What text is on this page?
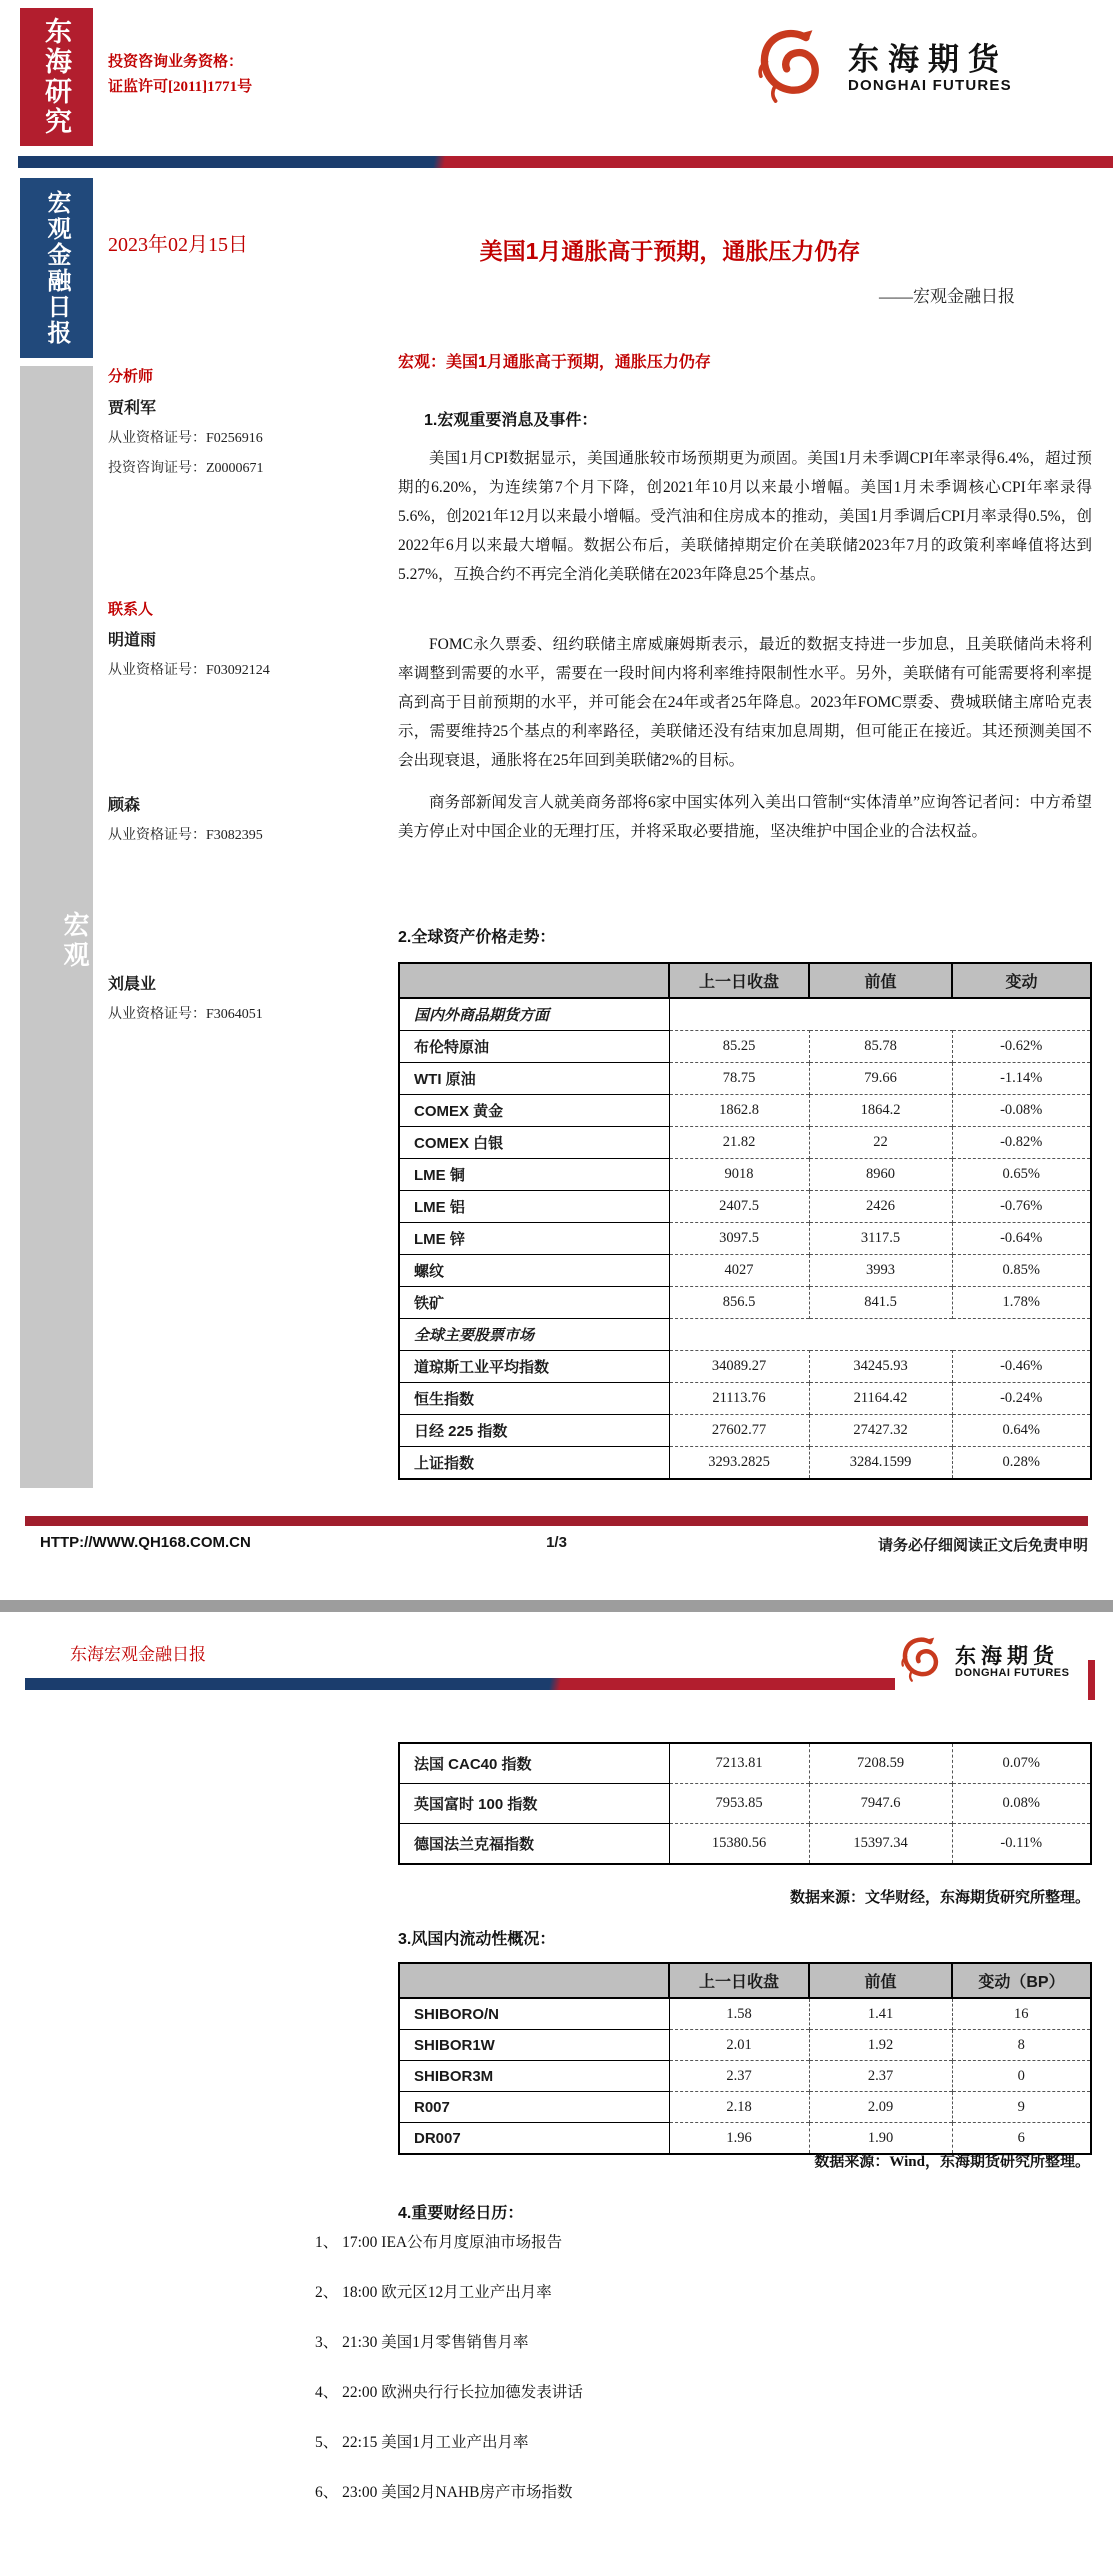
东海研究	投资咨询业务资格：
证监许可[2011]1771号
东海期货
DONGHAI FUTURES
宏观金融日报
宏观
2023年02月15日	美国1月通胀高于预期，通胀压力仍存
——宏观金融日报
分析师
贾利军
从业资格证号：F0256916
投资咨询证号：Z0000671
联系人
明道雨
从业资格证号：F03092124
顾森
从业资格证号：F3082395
刘晨业
从业资格证号：F3064051
宏观：美国1月通胀高于预期，通胀压力仍存
1.宏观重要消息及事件：
美国1月CPI数据显示，美国通胀较市场预期更为顽固。美国1月未季调CPI年率录得6.4%，超过预期的6.20%，为连续第7个月下降，创2021年10月以来最小增幅。美国1月未季调核心CPI年率录得5.6%，创2021年12月以来最小增幅。受汽油和住房成本的推动，美国1月季调后CPI月率录得0.5%，创2022年6月以来最大增幅。数据公布后，美联储掉期定价在美联储2023年7月的政策利率峰值将达到5.27%，互换合约不再完全消化美联储在2023年降息25个基点。
FOMC永久票委、纽约联储主席威廉姆斯表示，最近的数据支持进一步加息，且美联储尚未将利率调整到需要的水平，需要在一段时间内将利率维持限制性水平。另外，美联储有可能需要将利率提高到高于目前预期的水平，并可能会在24年或者25年降息。2023年FOMC票委、费城联储主席哈克表示，需要维持25个基点的利率路径，美联储还没有结束加息周期，但可能正在接近。其还预测美国不会出现衰退，通胀将在25年回到美联储2%的目标。
商务部新闻发言人就美商务部将6家中国实体列入美出口管制“实体清单”应询答记者问：中方希望美方停止对中国企业的无理打压，并将采取必要措施，坚决维护中国企业的合法权益。
2.全球资产价格走势：
	上一日收盘	前值	变动
国内外商品期货方面			
布伦特原油	85.25	85.78	-0.62%
WTI 原油	78.75	79.66	-1.14%
COMEX 黄金	1862.8	1864.2	-0.08%
COMEX 白银	21.82	22	-0.82%
LME 铜	9018	8960	0.65%
LME 铝	2407.5	2426	-0.76%
LME 锌	3097.5	3117.5	-0.64%
螺纹	4027	3993	0.85%
铁矿	856.5	841.5	1.78%
全球主要股票市场			
道琼斯工业平均指数	34089.27	34245.93	-0.46%
恒生指数	21113.76	21164.42	-0.24%
日经 225 指数	27602.77	27427.32	0.64%
上证指数	3293.2825	3284.1599	0.28%
HTTP://WWW.QH168.COM.CN	1/3	请务必仔细阅读正文后免责申明
东海宏观金融日报	东海期货
DONGHAI FUTURES
法国 CAC40 指数	7213.81	7208.59	0.07%
英国富时 100 指数	7953.85	7947.6	0.08%
德国法兰克福指数	15380.56	15397.34	-0.11%
数据来源：文华财经，东海期货研究所整理。
3.风国内流动性概况：
	上一日收盘	前值	变动（BP）
SHIBORO/N	1.58	1.41	16
SHIBOR1W	2.01	1.92	8
SHIBOR3M	2.37	2.37	0
R007	2.18	2.09	9
DR007	1.96	1.90	6
数据来源：Wind，东海期货研究所整理。
4.重要财经日历：
1、 17:00 IEA公布月度原油市场报告
2、 18:00 欧元区12月工业产出月率
3、 21:30 美国1月零售销售月率
4、 22:00 欧洲央行行长拉加德发表讲话
5、 22:15 美国1月工业产出月率
6、 23:00 美国2月NAHB房产市场指数
